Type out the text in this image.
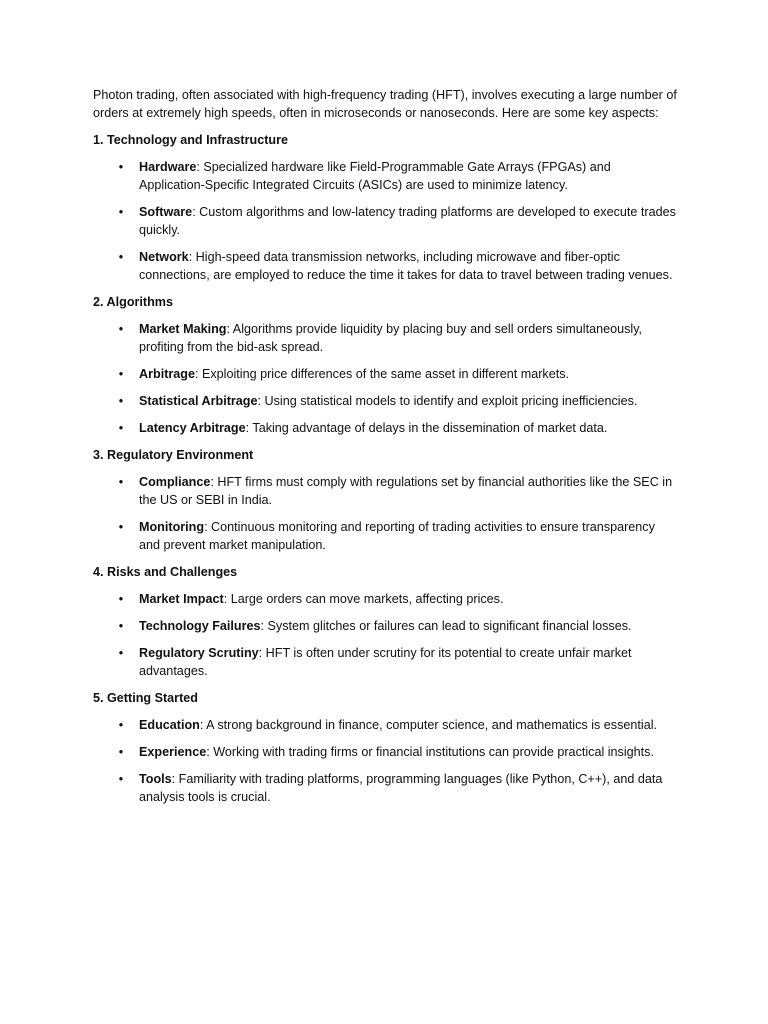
Photon trading, often associated with high-frequency trading (HFT), involves executing a large number of orders at extremely high speeds, often in microseconds or nanoseconds. Here are some key aspects:

1. Technology and Infrastructure

• Hardware: Specialized hardware like Field-Programmable Gate Arrays (FPGAs) and Application-Specific Integrated Circuits (ASICs) are used to minimize latency.
• Software: Custom algorithms and low-latency trading platforms are developed to execute trades quickly.
• Network: High-speed data transmission networks, including microwave and fiber-optic connections, are employed to reduce the time it takes for data to travel between trading venues.

2. Algorithms

• Market Making: Algorithms provide liquidity by placing buy and sell orders simultaneously, profiting from the bid-ask spread.
• Arbitrage: Exploiting price differences of the same asset in different markets.
• Statistical Arbitrage: Using statistical models to identify and exploit pricing inefficiencies.
• Latency Arbitrage: Taking advantage of delays in the dissemination of market data.

3. Regulatory Environment

• Compliance: HFT firms must comply with regulations set by financial authorities like the SEC in the US or SEBI in India.
• Monitoring: Continuous monitoring and reporting of trading activities to ensure transparency and prevent market manipulation.

4. Risks and Challenges

• Market Impact: Large orders can move markets, affecting prices.
• Technology Failures: System glitches or failures can lead to significant financial losses.
• Regulatory Scrutiny: HFT is often under scrutiny for its potential to create unfair market advantages.

5. Getting Started

• Education: A strong background in finance, computer science, and mathematics is essential.
• Experience: Working with trading firms or financial institutions can provide practical insights.
• Tools: Familiarity with trading platforms, programming languages (like Python, C++), and data analysis tools is crucial.
